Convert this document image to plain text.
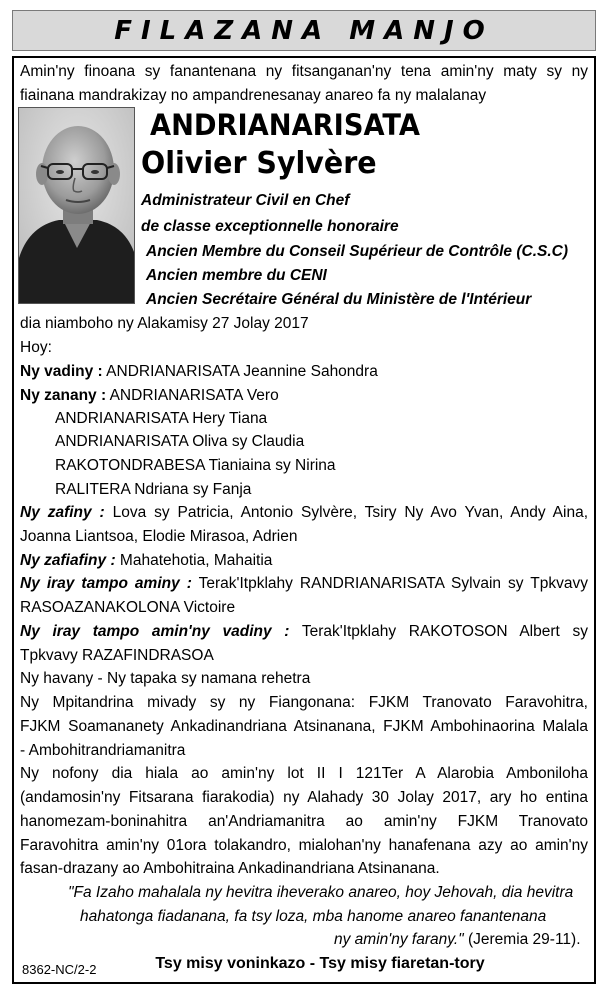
FILAZANA MANJO
Amin'ny finoana sy fanantenana ny fitsanganan'ny tena amin'ny maty sy ny
fiainana mandrakizay no ampandrenesanay anareo fa ny malalanay
ANDRIANARISATA
Olivier Sylvère
Administrateur Civil en Chef
de classe exceptionnelle honoraire
Ancien Membre du Conseil Supérieur de Contrôle (C.S.C)
Ancien membre du CENI
Ancien Secrétaire Général du Ministère de l'Intérieur
dia niamboho ny Alakamisy 27 Jolay 2017
Hoy:
Ny vadiny : ANDRIANARISATA Jeannine Sahondra
Ny zanany : ANDRIANARISATA Vero
ANDRIANARISATA Hery Tiana
ANDRIANARISATA Oliva sy Claudia
RAKOTONDRABESA Tianiaina sy Nirina
RALITERA Ndriana sy Fanja
Ny zafiny : Lova sy Patricia, Antonio Sylvère, Tsiry Ny Avo Yvan, Andy Aina,
Joanna Liantsoa, Elodie Mirasoa, Adrien
Ny zafiafiny : Mahatehotia, Mahaitia
Ny iray tampo aminy : Terak'Itpklahy RANDRIANARISATA Sylvain sy Tpkvavy
RASOAZANAKOLONA Victoire
Ny iray tampo amin'ny vadiny : Terak'Itpklahy RAKOTOSON Albert sy
Tpkvavy RAZAFINDRASOA
Ny havany - Ny tapaka sy namana rehetra
Ny Mpitandrina mivady sy ny Fiangonana: FJKM Tranovato Faravohitra,
FJKM Soamananety Ankadinandriana Atsinanana, FJKM Ambohinaorina Malala
- Ambohitrandriamanitra
Ny nofony dia hiala ao amin'ny lot II I 121Ter A Alarobia Amboniloha
(andamosin'ny Fitsarana fiarakodia) ny Alahady 30 Jolay 2017, ary ho entina
hanomezam-boninahitra an'Andriamanitra ao amin'ny FJKM Tranovato
Faravohitra amin'ny 01ora tolakandro, mialohan'ny hanafenana azy ao amin'ny
fasan-drazany ao Ambohitraina Ankadinandriana Atsinanana.
"Fa Izaho mahalala ny hevitra iheverako anareo, hoy Jehovah, dia hevitra
hahatonga fiadanana, fa tsy loza, mba hanome anareo fanantenana
ny amin'ny farany." (Jeremia 29-11).
8362-NC/2-2	Tsy misy voninkazo - Tsy misy fiaretan-tory
